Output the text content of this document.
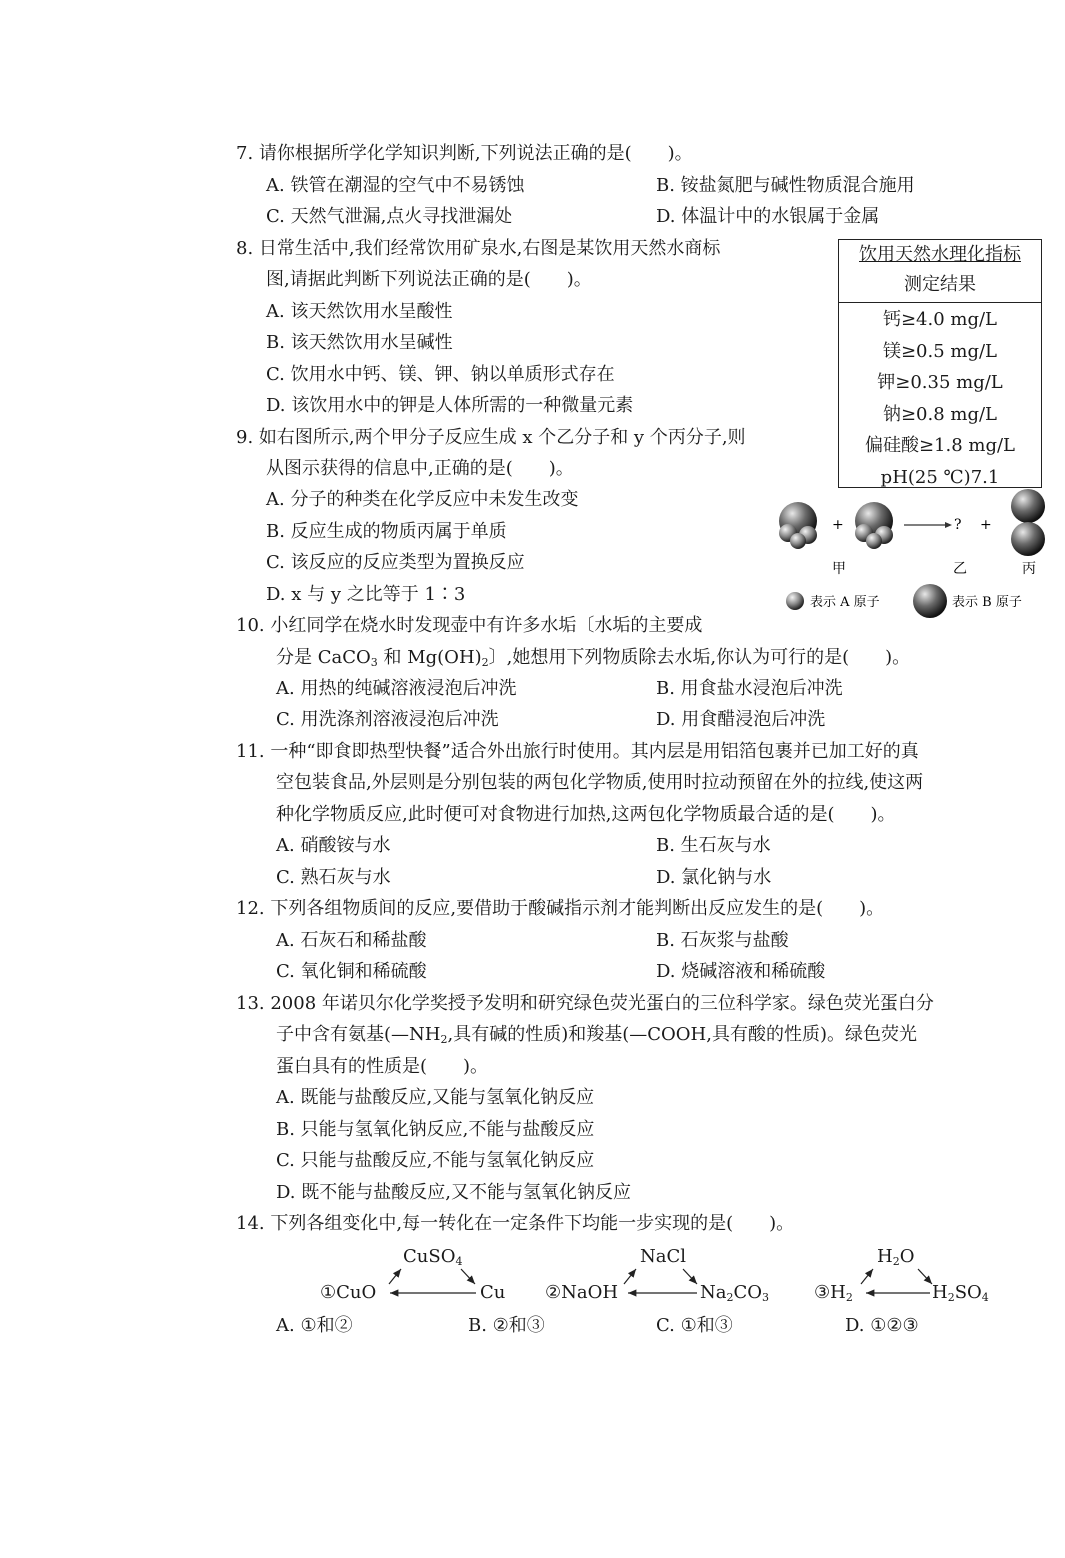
7. 请你根据所学化学知识判断,下列说法正确的是(　　)。
A. 铁管在潮湿的空气中不易锈蚀	B. 铵盐氮肥与碱性物质混合施用
C. 天然气泄漏,点火寻找泄漏处	D. 体温计中的水银属于金属
8. 日常生活中,我们经常饮用矿泉水,右图是某饮用天然水商标
图,请据此判断下列说法正确的是(　　)。
A. 该天然饮用水呈酸性
B. 该天然饮用水呈碱性
C. 饮用水中钙、镁、钾、钠以单质形式存在
D. 该饮用水中的钾是人体所需的一种微量元素
饮用天然水理化指标
测定结果
钙≥4.0 mg/L
镁≥0.5 mg/L
钾≥0.35 mg/L
钠≥0.8 mg/L
偏硅酸≥1.8 mg/L
pH(25 ℃)7.1
9. 如右图所示,两个甲分子反应生成 x 个乙分子和 y 个丙分子,则
从图示获得的信息中,正确的是(　　)。
A. 分子的种类在化学反应中未发生改变
B. 反应生成的物质丙属于单质
C. 该反应的反应类型为置换反应
D. x 与 y 之比等于 1∶3
+	? +
甲	乙	丙
表示 A 原子	表示 B 原子
10. 小红同学在烧水时发现壶中有许多水垢〔水垢的主要成
分是 CaCO$_3$ 和 $Mg(OH)_2$〕,她想用下列物质除去水垢,你认为可行的是(　　)。
A. 用热的纯碱溶液浸泡后冲洗	B. 用食盐水浸泡后冲洗
C. 用洗涤剂溶液浸泡后冲洗	D. 用食醋浸泡后冲洗
11. 一种“即食即热型快餐”适合外出旅行时使用。其内层是用铝箔包裹并已加工好的真
空包装食品,外层则是分别包装的两包化学物质,使用时拉动预留在外的拉线,使这两
种化学物质反应,此时便可对食物进行加热,这两包化学物质最合适的是(　　)。
A. 硝酸铵与水	B. 生石灰与水
C. 熟石灰与水	D. 氯化钠与水
12. 下列各组物质间的反应,要借助于酸碱指示剂才能判断出反应发生的是(　　)。
A. 石灰石和稀盐酸	B. 石灰浆与盐酸
C. 氧化铜和稀硫酸	D. 烧碱溶液和稀硫酸
13. 2008 年诺贝尔化学奖授予发明和研究绿色荧光蛋白的三位科学家。绿色荧光蛋白分
子中含有氨基($—NH_2$,具有碱的性质)和羧基(—COOH,具有酸的性质)。绿色荧光
蛋白具有的性质是(　　)。
A. 既能与盐酸反应,又能与氢氧化钠反应
B. 只能与氢氧化钠反应,不能与盐酸反应
C. 只能与盐酸反应,不能与氢氧化钠反应
D. 既不能与盐酸反应,又不能与氢氧化钠反应
14. 下列各组变化中,每一转化在一定条件下均能一步实现的是(　　)。
CuSO$_4$
①CuO	Cu
NaCl
②NaOH	$Na_2CO_3$
$H_2O$
$③H_2$	$H_2SO_4$
A. ①和②	B. ②和③	C. ①和③	D. ①②③
